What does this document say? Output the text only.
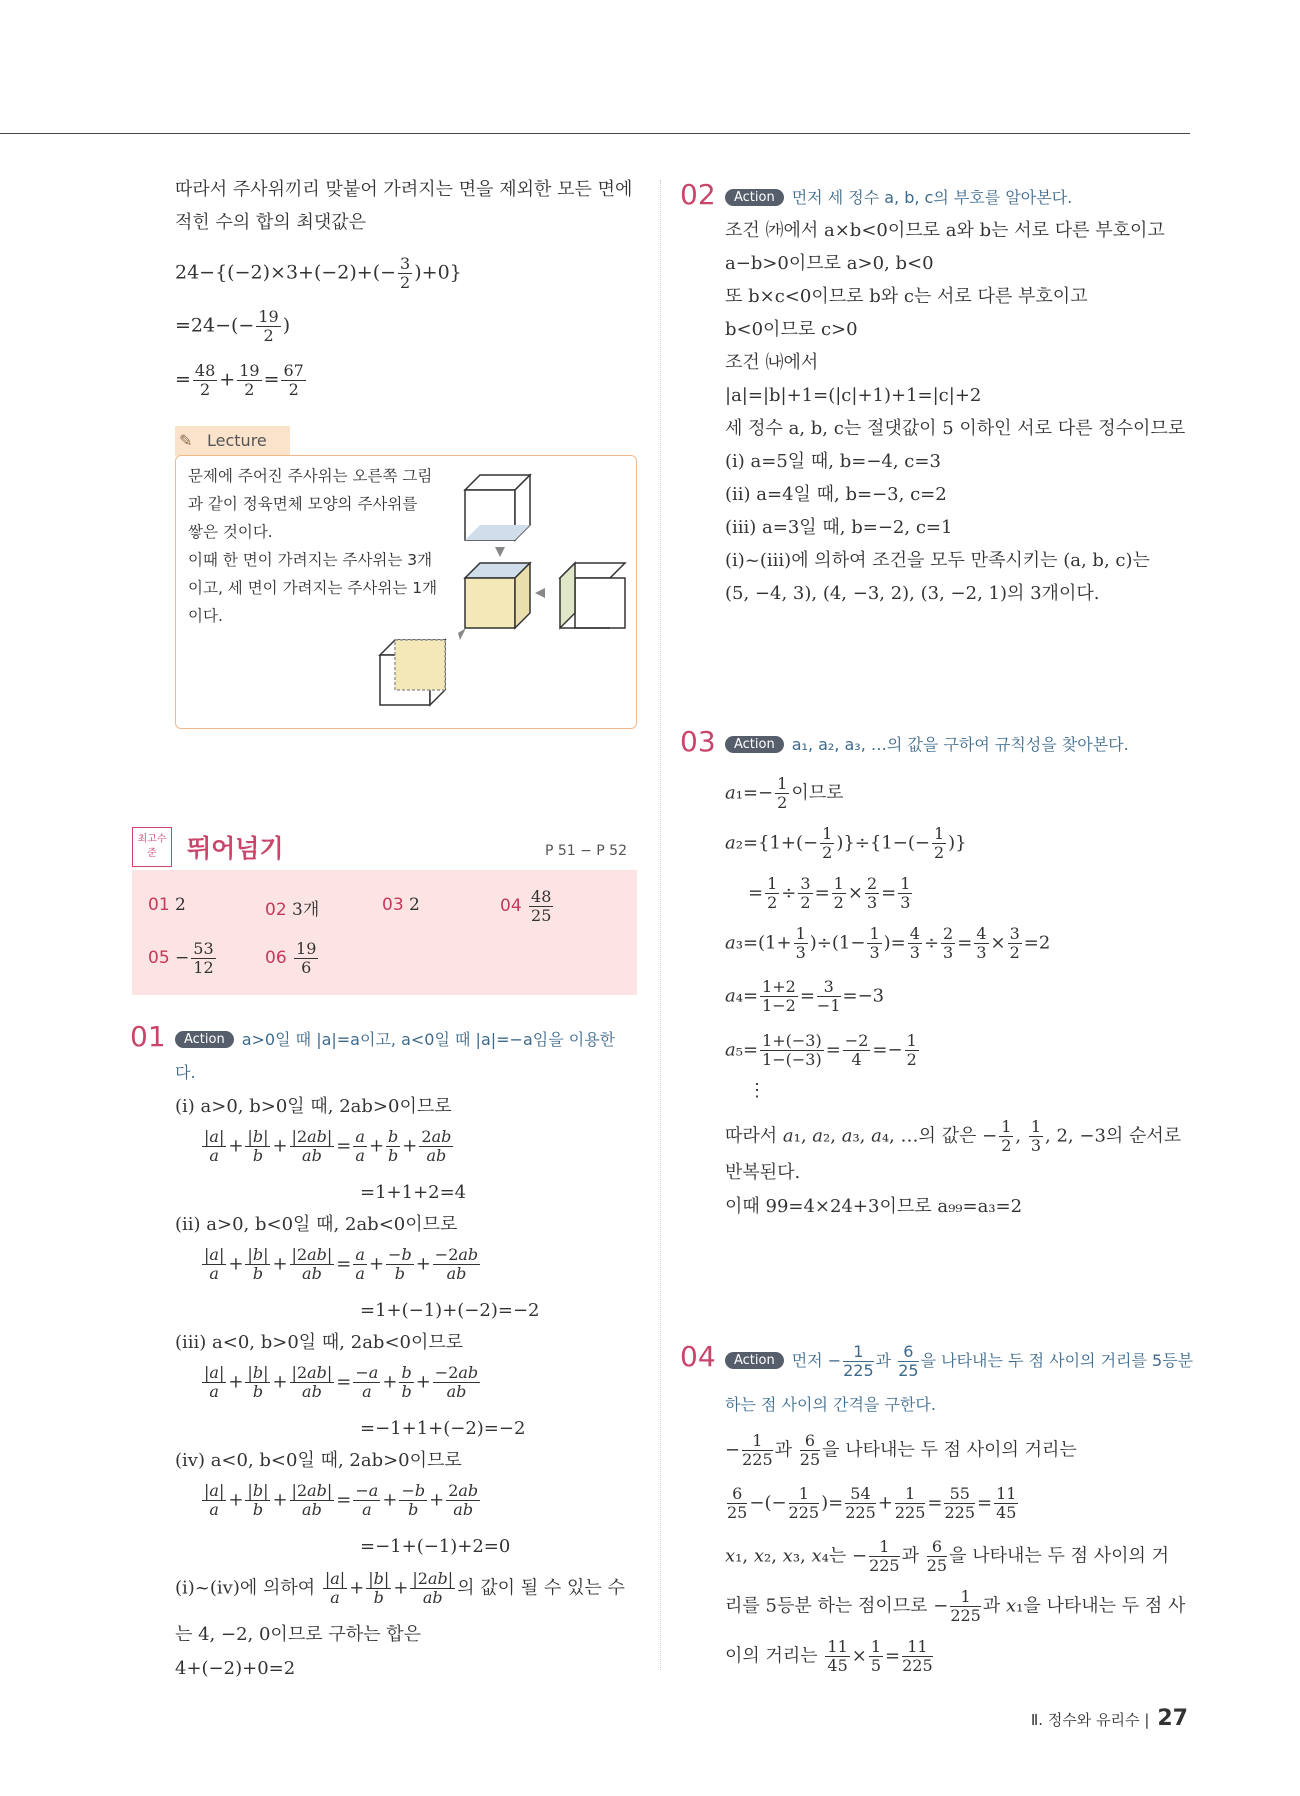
따라서 주사위끼리 맞붙어 가려지는 면을 제외한 모든 면에
적힌 수의 합의 최댓값은
$24-\{(-2)\times 3+(-2)+(- \frac{3}{2} )+0\}$
$=24-(- \frac{19}{2}$ )
= $\frac{48}{2} + \frac{19}{2} = \frac{67}{2}$
✎ Lecture
문제에 주어진 주사위는 오른쪽 그림
과 같이 정육면체 모양의 주사위를
쌓은 것이다.
이때 한 면이 가려지는 주사위는 3개
이고, 세 면이 가려지는 주사위는 1개
이다.
최고수준	뛰어넘기	P 51 − P 52
01 2	02 3개	03 2	$04 \frac{48}{25}$
$05 - \frac{53}{12}$	$06 \frac{19}{6}$
01	Action a>0일 때 |a|=a이고, a<0일 때 |a|=−a임을 이용한
다.
(ⅰ) a>0, b>0일 때, 2ab>0이므로
$\frac{|a|}{a} + \frac{|b|}{b} + \frac{|2ab|}{ab} = \frac{a}{a} + \frac{b}{b} + \frac{2ab}{ab}$
=1+1+2=4
(ⅱ) a>0, b<0일 때, 2ab<0이므로
$\frac{|a|}{a} + \frac{|b|}{b} + \frac{|2ab|}{ab} = \frac{a}{a} + \frac{-b}{b} + \frac{-2ab}{ab}$
=1+(−1)+(−2)=−2
(ⅲ) a<0, b>0일 때, 2ab<0이므로
$\frac{|a|}{a} + \frac{|b|}{b} + \frac{|2ab|}{ab} = \frac{-a}{a} + \frac{b}{b} + \frac{-2ab}{ab}$
=−1+1+(−2)=−2
(ⅳ) a<0, b<0일 때, 2ab>0이므로
$\frac{|a|}{a} + \frac{|b|}{b} + \frac{|2ab|}{ab} = \frac{-a}{a} + \frac{-b}{b} + \frac{2ab}{ab}$
=−1+(−1)+2=0
(ⅰ)~(ⅳ)에 의하여 $\frac{|a|}{a} + \frac{|b|}{b} + \frac{|2ab|}{ab}$ 의 값이 될 수 있는 수
는 4, −2, 0이므로 구하는 합은
4+(−2)+0=2
02	Action 먼저 세 정수 a, b, c의 부호를 알아본다.
조건 ㈎에서 a×b<0이므로 a와 b는 서로 다른 부호이고
a−b>0이므로 a>0, b<0
또 b×c<0이므로 b와 c는 서로 다른 부호이고
b<0이므로 c>0
조건 ㈏에서
|a|=|b|+1=(|c|+1)+1=|c|+2
세 정수 a, b, c는 절댓값이 5 이하인 서로 다른 정수이므로
(ⅰ) a=5일 때, b=−4, c=3
(ⅱ) a=4일 때, b=−3, c=2
(ⅲ) a=3일 때, b=−2, c=1
(ⅰ)~(ⅲ)에 의하여 조건을 모두 만족시키는 (a, b, c)는
(5, −4, 3), (4, −3, 2), (3, −2, 1)의 3개이다.
03	Action a₁, a₂, a₃, …의 값을 구하여 규칙성을 찾아본다.
$a_1=- \frac{1}{2}$ 이므로
$a_2=\{1+(- \frac{1}{2} )\}\div\{1-(- \frac{1}{2}$ )}
= $\frac{1}{2} \div \frac{3}{2} = \frac{1}{2} \times \frac{2}{3} = \frac{1}{3}$
$a_3=(1+ \frac{1}{3} )\div(1- \frac{1}{3}$ )= $\frac{4}{3} \div \frac{2}{3} = \frac{4}{3} \times \frac{3}{2} =2$
$a_4= \frac{1+2}{1-2} = \frac{3}{-1} =-3$
$a_5= \frac{1+(-3)}{1-(-3)} = \frac{-2}{4} =- \frac{1}{2}$
⋮
따라서 a₁, a₂, a₃, a₄, …의 값은 − $\frac{1}{2}$ , $\frac{1}{3}$ , 2, −3의 순서로
반복된다.
이때 99=4×24+3이므로 a₉₉=a₃=2
04	Action 먼저 − $\frac{1}{225}$ 과 $\frac{6}{25}$ 을 나타내는 두 점 사이의 거리를 5등분
하는 점 사이의 간격을 구한다.
− $\frac{1}{225}$ 과 $\frac{6}{25}$ 을 나타내는 두 점 사이의 거리는
$\frac{6}{25}$ −(− $\frac{1}{225}$ )= $\frac{54}{225} + \frac{1}{225} = \frac{55}{225} = \frac{11}{45}$
x₁, x₂, x₃, x₄는 − $\frac{1}{225}$ 과 $\frac{6}{25}$ 을 나타내는 두 점 사이의 거
리를 5등분 하는 점이므로 − $\frac{1}{225}$ 과 x₁을 나타내는 두 점 사
이의 거리는 $\frac{11}{45} \times \frac{1}{5} = \frac{11}{225}$
Ⅱ. 정수와 유리수 | 27
